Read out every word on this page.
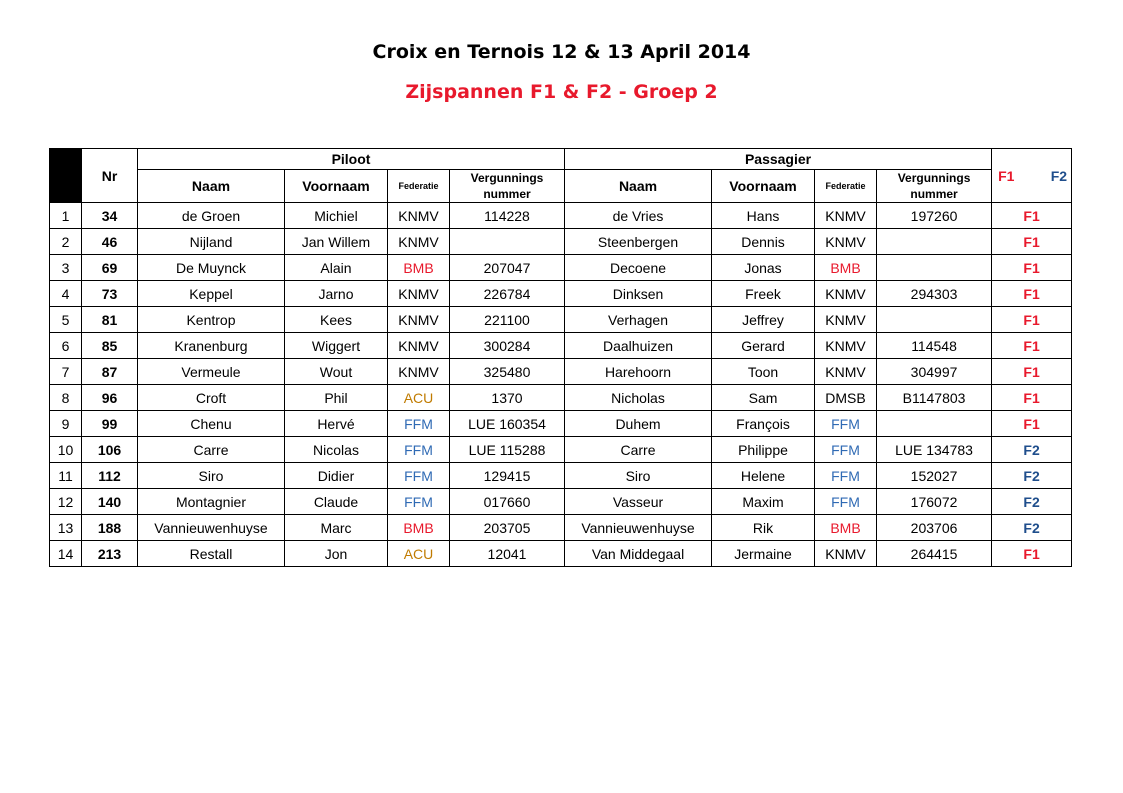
Croix en Ternois 12 & 13 April 2014
Zijspannen F1 & F2 - Groep 2
	Nr	Piloot				Passagier				F1 F2

		Naam	Voornaam	Federatie	Vergunnings nummer	Naam	Voornaam	Federatie	Vergunnings nummer	
1	34	de Groen	Michiel	KNMV	114228	de Vries	Hans	KNMV	197260	F1
2	46	Nijland	Jan Willem	KNMV		Steenbergen	Dennis	KNMV		F1
3	69	De Muynck	Alain	BMB	207047	Decoene	Jonas	BMB		F1
4	73	Keppel	Jarno	KNMV	226784	Dinksen	Freek	KNMV	294303	F1
5	81	Kentrop	Kees	KNMV	221100	Verhagen	Jeffrey	KNMV		F1
6	85	Kranenburg	Wiggert	KNMV	300284	Daalhuizen	Gerard	KNMV	114548	F1
7	87	Vermeule	Wout	KNMV	325480	Harehoorn	Toon	KNMV	304997	F1
8	96	Croft	Phil	ACU	1370	Nicholas	Sam	DMSB	B1147803	F1
9	99	Chenu	Hervé	FFM	LUE 160354	Duhem	François	FFM		F1
10	106	Carre	Nicolas	FFM	LUE 115288	Carre	Philippe	FFM	LUE 134783	F2
11	112	Siro	Didier	FFM	129415	Siro	Helene	FFM	152027	F2
12	140	Montagnier	Claude	FFM	017660	Vasseur	Maxim	FFM	176072	F2
13	188	Vannieuwenhuyse	Marc	BMB	203705	Vannieuwenhuyse	Rik	BMB	203706	F2
14	213	Restall	Jon	ACU	12041	Van Middegaal	Jermaine	KNMV	264415	F1
